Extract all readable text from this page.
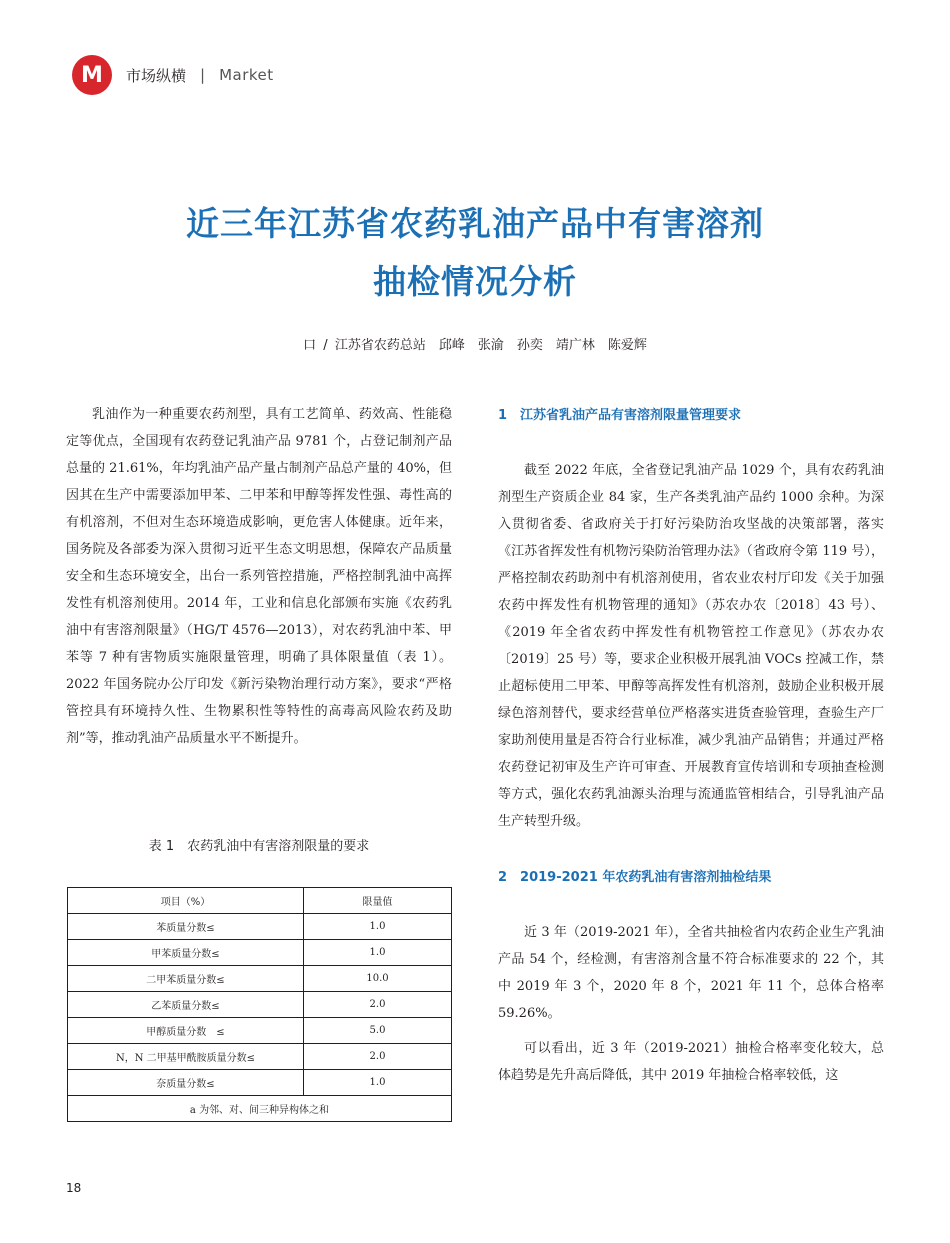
M	市场纵横 | Market
近三年江苏省农药乳油产品中有害溶剂
抽检情况分析
口 / 江苏省农药总站　邱峰　张渝　孙奕　靖广林　陈爱辉

乳油作为一种重要农药剂型，具有工艺简单、药效高、性能稳定等优点，全国现有农药登记乳油产品 9781 个，占登记制剂产品总量的 21.61%，年均乳油产品产量占制剂产品总产量的 40%，但因其在生产中需要添加甲苯、二甲苯和甲醇等挥发性强、毒性高的有机溶剂，不但对生态环境造成影响，更危害人体健康。近年来，国务院及各部委为深入贯彻习近平生态文明思想，保障农产品质量安全和生态环境安全，出台一系列管控措施，严格控制乳油中高挥发性有机溶剂使用。2014 年，工业和信息化部颁布实施《农药乳油中有害溶剂限量》（HG/T 4576—2013），对农药乳油中苯、甲苯等 7 种有害物质实施限量管理，明确了具体限量值（表 1）。2022 年国务院办公厅印发《新污染物治理行动方案》，要求“严格管控具有环境持久性、生物累积性等特性的高毒高风险农药及助剂”等，推动乳油产品质量水平不断提升。

表 1　农药乳油中有害溶剂限量的要求
项目（%）	限量值
苯质量分数≤	1.0
甲苯质量分数≤	1.0
二甲苯质量分数≤	10.0
乙苯质量分数≤	2.0
甲醇质量分数　≤	5.0
N，N 二甲基甲酰胺质量分数≤	2.0
奈质量分数≤	1.0
a 为邻、对、间三种异构体之和	
1　江苏省乳油产品有害溶剂限量管理要求

截至 2022 年底，全省登记乳油产品 1029 个，具有农药乳油剂型生产资质企业 84 家，生产各类乳油产品约 1000 余种。为深入贯彻省委、省政府关于打好污染防治攻坚战的决策部署，落实《江苏省挥发性有机物污染防治管理办法》（省政府令第 119 号），严格控制农药助剂中有机溶剂使用，省农业农村厅印发《关于加强农药中挥发性有机物管理的通知》（苏农办农〔2018〕43 号）、《2019 年全省农药中挥发性有机物管控工作意见》（苏农办农〔2019〕25 号）等，要求企业积极开展乳油 VOCs 控减工作，禁止超标使用二甲苯、甲醇等高挥发性有机溶剂，鼓励企业积极开展绿色溶剂替代，要求经营单位严格落实进货查验管理，查验生产厂家助剂使用量是否符合行业标准，减少乳油产品销售；并通过严格农药登记初审及生产许可审查、开展教育宣传培训和专项抽查检测等方式，强化农药乳油源头治理与流通监管相结合，引导乳油产品生产转型升级。

2　2019-2021 年农药乳油有害溶剂抽检结果

近 3 年（2019-2021 年），全省共抽检省内农药企业生产乳油产品 54 个，经检测，有害溶剂含量不符合标准要求的 22 个，其中 2019 年 3 个，2020 年 8 个，2021 年 11 个，总体合格率 59.26%。

可以看出，近 3 年（2019-2021）抽检合格率变化较大，总体趋势是先升高后降低，其中 2019 年抽检合格率较低，这

18
